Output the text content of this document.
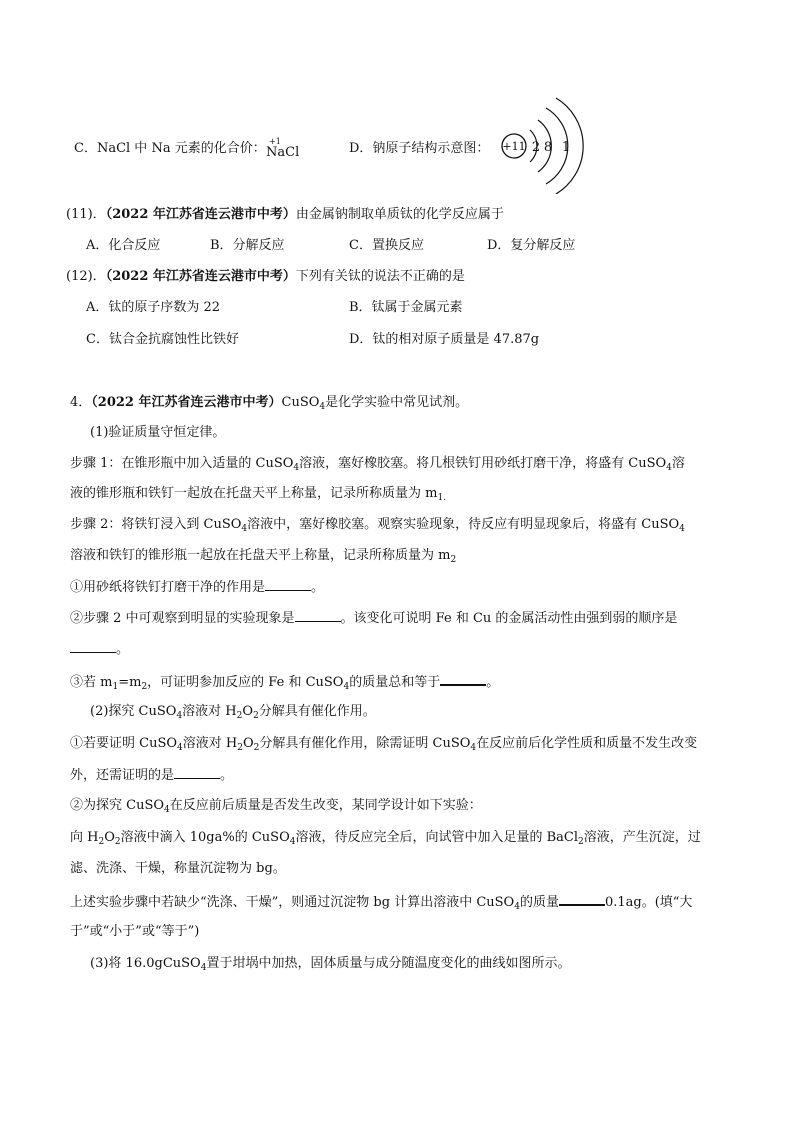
C．NaCl 中 Na 元素的化合价： +1
NaCl	D．钠原子结构示意图： +11 2 8 1
(11)．（2022 年江苏省连云港市中考）由金属钠制取单质钛的化学反应属于
A．化合反应	B．分解反应	C．置换反应	D．复分解反应
(12)．（2022 年江苏省连云港市中考）下列有关钛的说法不正确的是
A．钛的原子序数为 22	B．钛属于金属元素
C．钛合金抗腐蚀性比铁好	D．钛的相对原子质量是 47.87g
4．（2022 年江苏省连云港市中考）CuSO$_4$是化学实验中常见试剂。
(1)验证质量守恒定律。
步骤 1：在锥形瓶中加入适量的 CuSO$_4$溶液，塞好橡胶塞。将几根铁钉用砂纸打磨干净，将盛有 CuSO$_4$溶
液的锥形瓶和铁钉一起放在托盘天平上称量，记录所称质量为 $m_{1.}$
步骤 2：将铁钉浸入到 CuSO$_4$溶液中，塞好橡胶塞。观察实验现象，待反应有明显现象后，将盛有 CuSO$_4$
溶液和铁钉的锥形瓶一起放在托盘天平上称量，记录所称质量为 $m_2$
①用砂纸将铁钉打磨干净的作用是	。
②步骤 2 中可观察到明显的实验现象是	。该变化可说明 Fe 和 Cu 的金属活动性由强到弱的顺序是
。
③若 $m_1=m_2$，可证明参加反应的 Fe 和 CuSO$_4$的质量总和等于	。
(2)探究 CuSO$_4$溶液对 $H_2O_2$分解具有催化作用。
①若要证明 CuSO$_4$溶液对 $H_2O_2$分解具有催化作用，除需证明 CuSO$_4$在反应前后化学性质和质量不发生改变
外，还需证明的是	。
②为探究 CuSO$_4$在反应前后质量是否发生改变，某同学设计如下实验：
向 $H_2O_2$溶液中滴入 10ga%的 CuSO$_4$溶液，待反应完全后，向试管中加入足量的 BaCl$_2$溶液，产生沉淀，过
滤、洗涤、干燥，称量沉淀物为 bg。
上述实验步骤中若缺少“洗涤、干燥”，则通过沉淀物 bg 计算出溶液中 CuSO$_4$的质量	0.1ag。(填“大
于”或“小于”或“等于”)
(3)将 16.0gCuSO$_4$置于坩埚中加热，固体质量与成分随温度变化的曲线如图所示。
